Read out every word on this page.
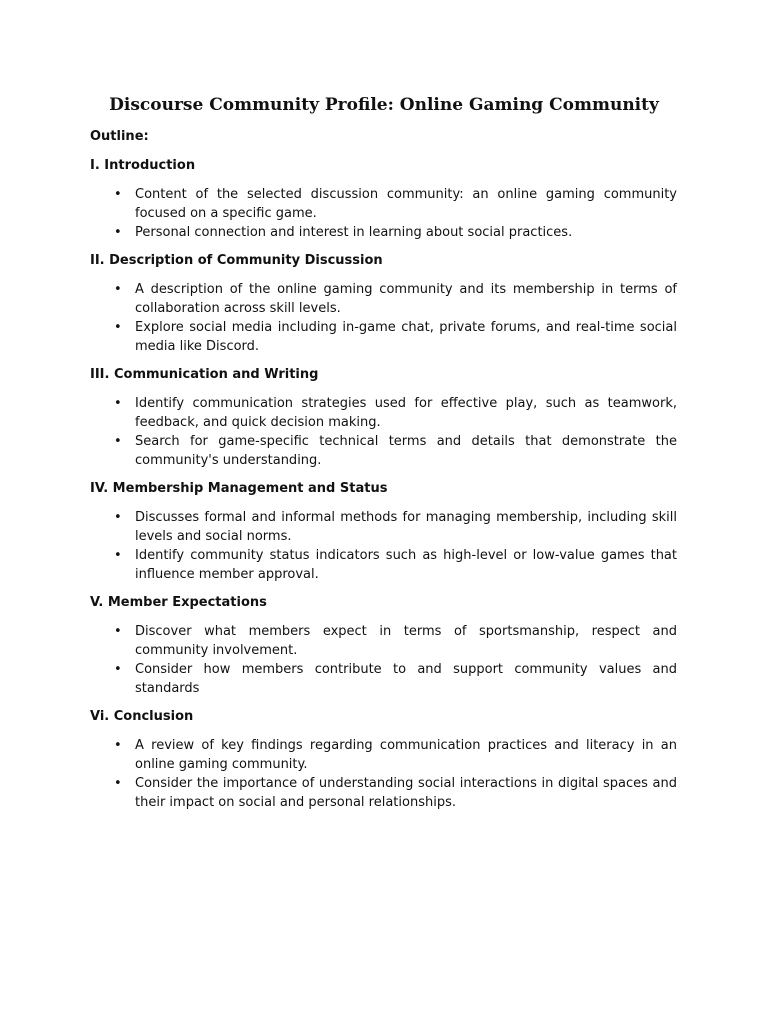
Discourse Community Profile: Online Gaming Community
Outline:
I. Introduction
• Content of the selected discussion community: an online gaming community focused on a specific game.
• Personal connection and interest in learning about social practices.
II. Description of Community Discussion
• A description of the online gaming community and its membership in terms of collaboration across skill levels.
• Explore social media including in-game chat, private forums, and real-time social media like Discord.
III. Communication and Writing
• Identify communication strategies used for effective play, such as teamwork, feedback, and quick decision making.
• Search for game-specific technical terms and details that demonstrate the community's understanding.
IV. Membership Management and Status
• Discusses formal and informal methods for managing membership, including skill levels and social norms.
• Identify community status indicators such as high-level or low-value games that influence member approval.
V. Member Expectations
• Discover what members expect in terms of sportsmanship, respect and community involvement.
• Consider how members contribute to and support community values and standards
Vi. Conclusion
• A review of key findings regarding communication practices and literacy in an online gaming community.
• Consider the importance of understanding social interactions in digital spaces and their impact on social and personal relationships.
